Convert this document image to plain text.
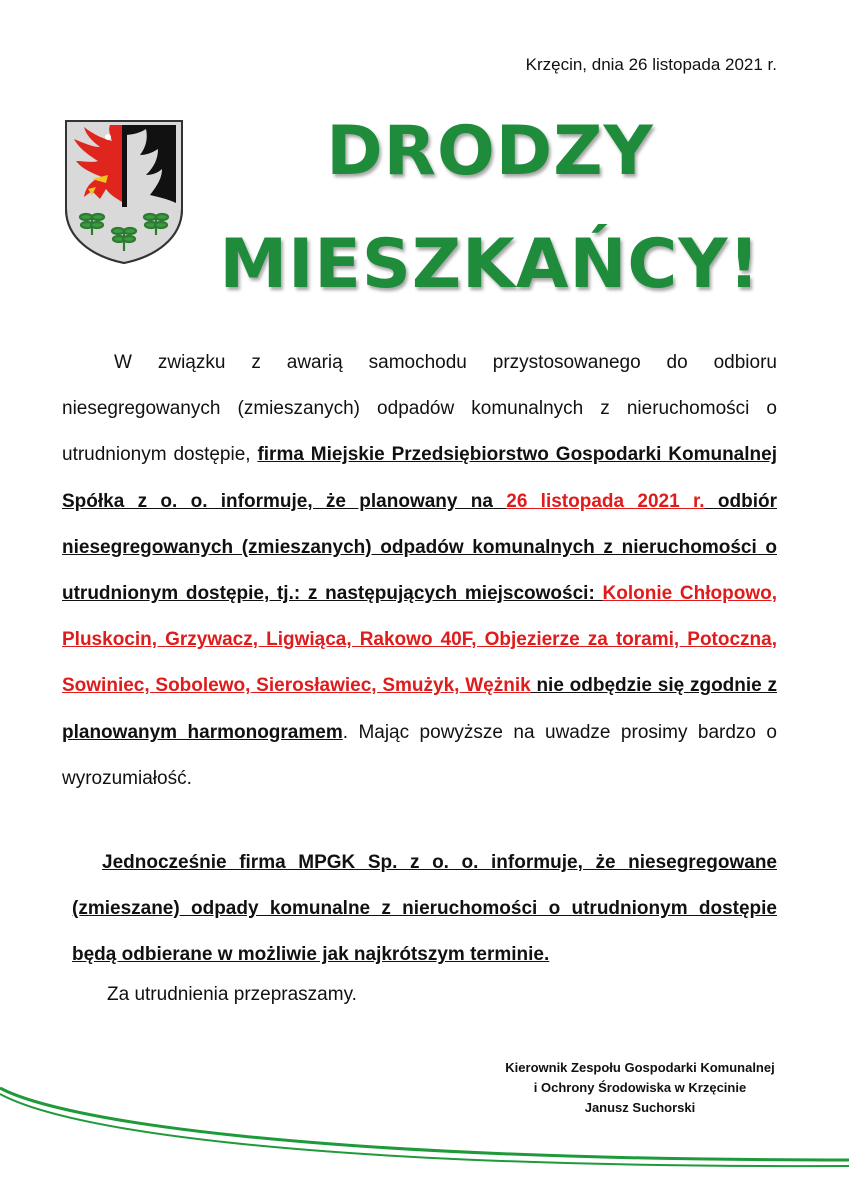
Krzęcin, dnia 26 listopada 2021 r.
DRODZY
MIESZKAŃCY!

W związku z awarią samochodu przystosowanego do odbioru niesegregowanych (zmieszanych) odpadów komunalnych z nieruchomości o utrudnionym dostępie, firma Miejskie Przedsiębiorstwo Gospodarki Komunalnej Spółka z o. o. informuje, że planowany na 26 listopada 2021 r. odbiór niesegregowanych (zmieszanych) odpadów komunalnych z nieruchomości o utrudnionym dostępie, tj.: z następujących miejscowości: Kolonie Chłopowo, Pluskocin, Grzywacz, Ligwiąca, Rakowo 40F, Objezierze za torami, Potoczna, Sowiniec, Sobolewo, Sierosławiec, Smużyk, Wężnik nie odbędzie się zgodnie z planowanym harmonogramem. Mając powyższe na uwadze prosimy bardzo o wyrozumiałość.

Jednocześnie firma MPGK Sp. z o. o. informuje, że niesegregowane (zmieszane) odpady komunalne z nieruchomości o utrudnionym dostępie będą odbierane w możliwie jak najkrótszym terminie.

Za utrudnienia przepraszamy.
Kierownik Zespołu Gospodarki Komunalnej
i Ochrony Środowiska w Krzęcinie
Janusz Suchorski
